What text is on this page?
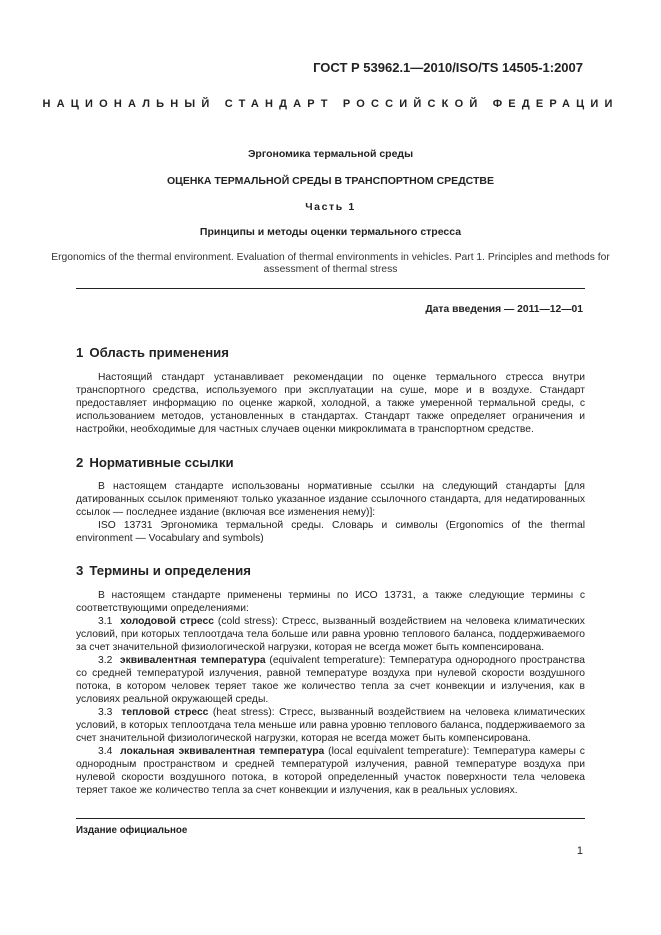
ГОСТ Р 53962.1—2010/ISO/TS 14505-1:2007
НАЦИОНАЛЬНЫЙ СТАНДАРТ РОССИЙСКОЙ ФЕДЕРАЦИИ
Эргономика термальной среды
ОЦЕНКА ТЕРМАЛЬНОЙ СРЕДЫ В ТРАНСПОРТНОМ СРЕДСТВЕ
Часть 1
Принципы и методы оценки термального стресса
Ergonomics of the thermal environment. Evaluation of thermal environments in vehicles. Part 1. Principles and methods for assessment of thermal stress
Дата введения — 2011—12—01
1 Область применения

Настоящий стандарт устанавливает рекомендации по оценке термального стресса внутри транспортного средства, используемого при эксплуатации на суше, море и в воздухе. Стандарт предоставляет информацию по оценке жаркой, холодной, а также умеренной термальной среды, с использованием методов, установленных в стандартах. Стандарт также определяет ограничения и настройки, необходимые для частных случаев оценки микроклимата в транспортном средстве.

2 Нормативные ссылки

В настоящем стандарте использованы нормативные ссылки на следующий стандарты [для датированных ссылок применяют только указанное издание ссылочного стандарта, для недатированных ссылок — последнее издание (включая все изменения нему)]:

ISO 13731 Эргономика термальной среды. Словарь и символы (Ergonomics of the thermal environment — Vocabulary and symbols)

3 Термины и определения

В настоящем стандарте применены термины по ИСО 13731, а также следующие термины с соответствующими определениями:

3.1 холодовой стресс (cold stress): Стресс, вызванный воздействием на человека климатических условий, при которых теплоотдача тела больше или равна уровню теплового баланса, поддерживаемого за счет значительной физиологической нагрузки, которая не всегда может быть компенсирована.

3.2 эквивалентная температура (equivalent temperature): Температура однородного пространства со средней температурой излучения, равной температуре воздуха при нулевой скорости воздушного потока, в котором человек теряет такое же количество тепла за счет конвекции и излучения, как в условиях реальной окружающей среды.

3.3 тепловой стресс (heat stress): Стресс, вызванный воздействием на человека климатических условий, в которых теплоотдача тела меньше или равна уровню теплового баланса, поддерживаемого за счет значительной физиологической нагрузки, которая не всегда может быть компенсирована.

3.4 локальная эквивалентная температура (local equivalent temperature): Температура камеры с однородным пространством и средней температурой излучения, равной температуре воздуха при нулевой скорости воздушного потока, в которой определенный участок поверхности тела человека теряет такое же количество тепла за счет конвекции и излучения, как в реальных условиях.

Издание официальное
1
